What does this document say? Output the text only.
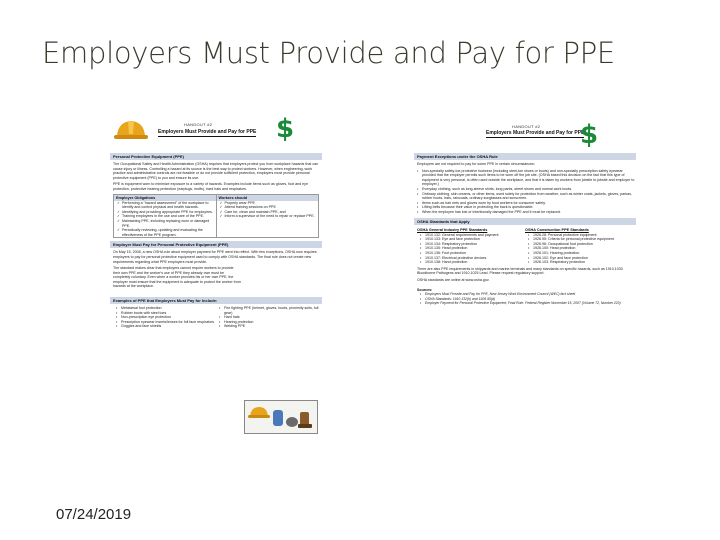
Employers Must Provide and Pay for PPE
HANDOUT #2
Employers Must Provide and Pay for PPE $
Personal Protective Equipment (PPE)
The Occupational Safety and Health Administration (OSHA) requires that employers protect you from workplace hazards that can cause injury or illness. Controlling a hazard at its source is the best way to protect workers. However, when engineering, work practice and administrative controls are not feasible or do not provide sufficient protection, employers must provide personal protective equipment (PPE) to you and ensure its use.
PPE is equipment worn to minimize exposure to a variety of hazards. Examples include items such as gloves, foot and eye protection, protective hearing protection (earplugs, muffs), hard hats and respirators.
Employer Obligations
✓ Performing a "hazard assessment" of the workplace to identify and control physical and health hazards.
✓ Identifying and providing appropriate PPE for employees.
✓ Training employees in the use and care of the PPE.
✓ Maintaining PPE, including replacing worn or damaged PPE.
✓ Periodically reviewing, updating and evaluating the effectiveness of the PPE program.
Workers should
✓ Properly wear PPE
✓ Attend training sessions on PPE
✓ Care for, clean and maintain PPE, and
✓ Inform a supervisor of the need to repair or replace PPE.
Employer Must Pay for Personal Protective Equipment (PPE)
On May 15, 2008, a new OSHA rule about employer payment for PPE went into effect. With few exceptions, OSHA now requires employers to pay for personal protective equipment used to comply with OSHA standards. The final rule does not create new requirements regarding what PPE employers must provide.
The standard makes clear that employers cannot require workers to provide their own PPE and the worker's use of PPE they already own must be completely voluntary. Even when a worker provides his or her own PPE, the employer must ensure that the equipment is adequate to protect the worker from hazards at the workplace.
Examples of PPE that Employers Must Pay for Include:
• Metatarsal foot protection
• Rubber boots with steel toes
• Non-prescription eye protection
• Prescription eyewear inserts/lenses for full face respirators
• Goggles and face shields
• Fire fighting PPE (helmet, gloves, boots, proximity suits, full gear)
• Hard hats
• Hearing protection
• Welding PPE
HANDOUT #2
Employers Must Provide and Pay for PPE
$
Payment Exceptions under the OSHA Rule
Employers are not required to pay for some PPE in certain circumstances:
• Non-specialty safety-toe protective footwear (including steel-toe shoes or boots) and non-specialty prescription safety eyewear provided that the employer permits such items to be worn off the job site. (OSHA based this decision on the fact that this type of equipment is very personal, is often used outside the workplace, and that it is taken by workers from jobsite to jobsite and employer to employer.)
• Everyday clothing, such as long-sleeve shirts, long pants, street shoes and normal work boots.
• Ordinary clothing, skin creams, or other items, used solely for protection from weather, such as winter coats, jackets, gloves, parkas, rubber boots, hats, raincoats, ordinary sunglasses and sunscreen.
• Items such as hair nets and gloves worn by food workers for consumer safety.
• Lifting belts because their value in protecting the back is questionable.
• When the employee has lost or intentionally damaged the PPE and it must be replaced.
OSHA Standards that Apply
OSHA General Industry PPE Standards
• 1910.132: General requirements and payment
• 1910.133: Eye and face protection
• 1910.134: Respiratory protection
• 1910.135: Head protection
• 1910.136: Foot protection
• 1910.137: Electrical protective devices
• 1910.138: Hand protection
OSHA Construction PPE Standards
• 1926.28: Personal protective equipment
• 1926.95: Criteria for personal protective equipment
• 1926.96: Occupational foot protection
• 1926.100: Head protection
• 1926.101: Hearing protection
• 1926.102: Eye and face protection
• 1926.103: Respiratory protection
There are also PPE requirements in shipyards and marine terminals and many standards on specific hazards, such as 1910.1030 Bloodborne Pathogens and 1910.1025 Lead. Please request regulatory support.
OSHA standards are online at www.osha.gov.
Sources:
• Employers Must Provide and Pay for PPE, New Jersey Work Environment Council (WEC) fact sheet
• OSHA Standards: 1910.132(h) and 1926.95(d)
• Employer Payment for Personal Protective Equipment; Final Rule. Federal Register November 15, 2007 (Volume 72, Number 220)
07/24/2019
